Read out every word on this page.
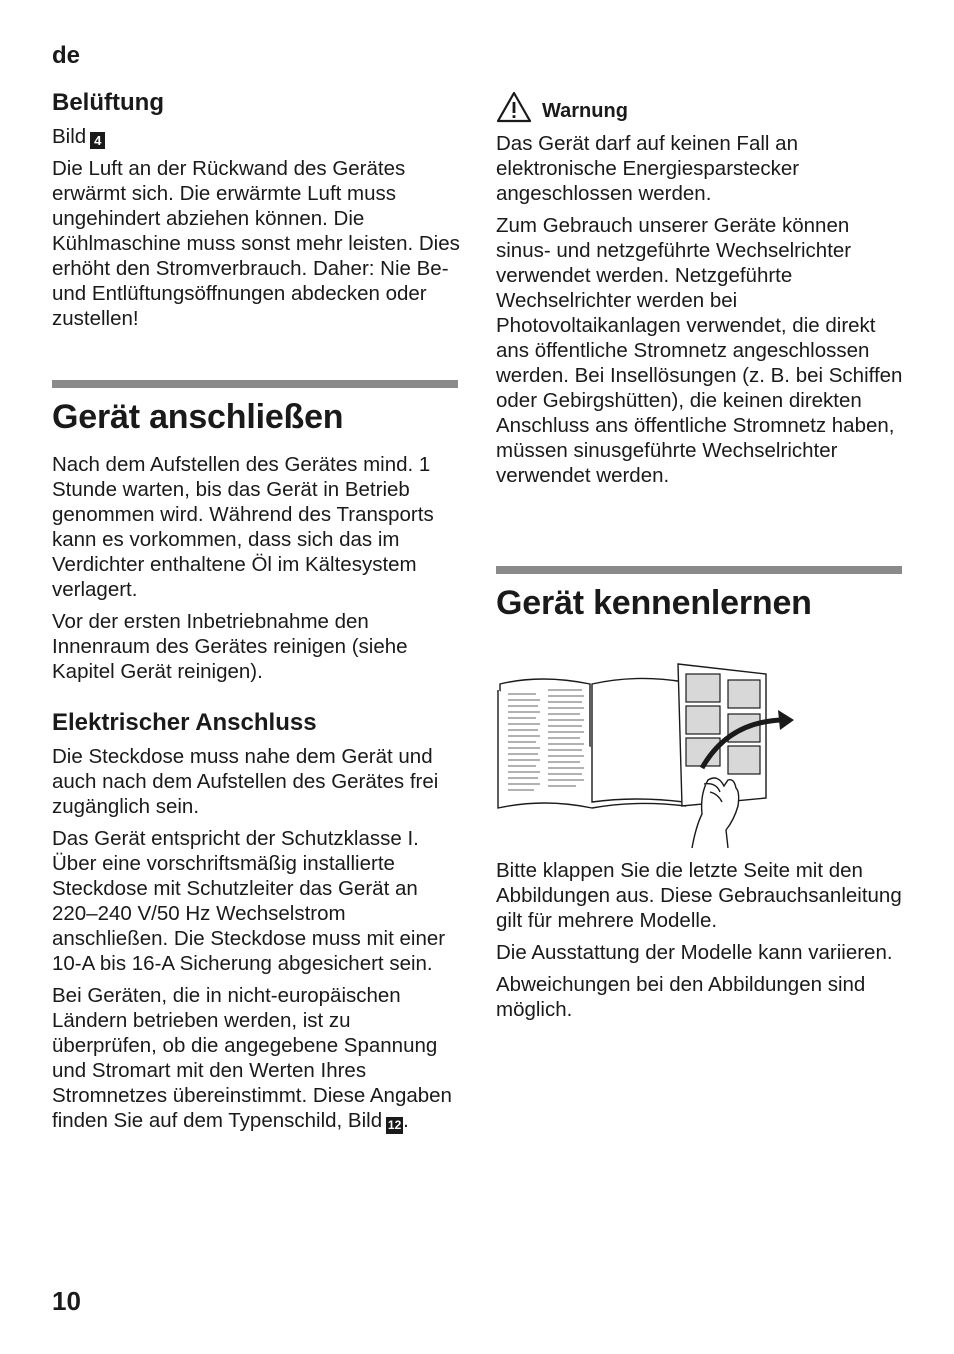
de
Belüftung

Bild 4

Die Luft an der Rückwand des Gerätes erwärmt sich. Die erwärmte Luft muss ungehindert abziehen können. Die Kühlmaschine muss sonst mehr leisten. Dies erhöht den Stromverbrauch. Daher: Nie Be- und Entlüftungsöffnungen abdecken oder zustellen!

Gerät anschließen

Nach dem Aufstellen des Gerätes mind. 1 Stunde warten, bis das Gerät in Betrieb genommen wird. Während des Transports kann es vorkommen, dass sich das im Verdichter enthaltene Öl im Kältesystem verlagert.

Vor der ersten Inbetriebnahme den Innenraum des Gerätes reinigen (siehe Kapitel Gerät reinigen).

Elektrischer Anschluss

Die Steckdose muss nahe dem Gerät und auch nach dem Aufstellen des Gerätes frei zugänglich sein.

Das Gerät entspricht der Schutzklasse I. Über eine vorschriftsmäßig installierte Steckdose mit Schutzleiter das Gerät an 220–240 V/50 Hz Wechselstrom anschließen. Die Steckdose muss mit einer 10-A bis 16-A Sicherung abgesichert sein.

Bei Geräten, die in nicht-europäischen Ländern betrieben werden, ist zu überprüfen, ob die angegebene Spannung und Stromart mit den Werten Ihres Stromnetzes übereinstimmt. Diese Angaben finden Sie auf dem Typenschild, Bild 12.

Warnung

Das Gerät darf auf keinen Fall an elektronische Energiesparstecker angeschlossen werden.

Zum Gebrauch unserer Geräte können sinus- und netzgeführte Wechselrichter verwendet werden. Netzgeführte Wechselrichter werden bei Photovoltaikanlagen verwendet, die direkt ans öffentliche Stromnetz angeschlossen werden. Bei Insellösungen (z. B. bei Schiffen oder Gebirgshütten), die keinen direkten Anschluss ans öffentliche Stromnetz haben, müssen sinusgeführte Wechselrichter verwendet werden.

Gerät kennenlernen

Bitte klappen Sie die letzte Seite mit den Abbildungen aus. Diese Gebrauchsanleitung gilt für mehrere Modelle.

Die Ausstattung der Modelle kann variieren.

Abweichungen bei den Abbildungen sind möglich.

10
